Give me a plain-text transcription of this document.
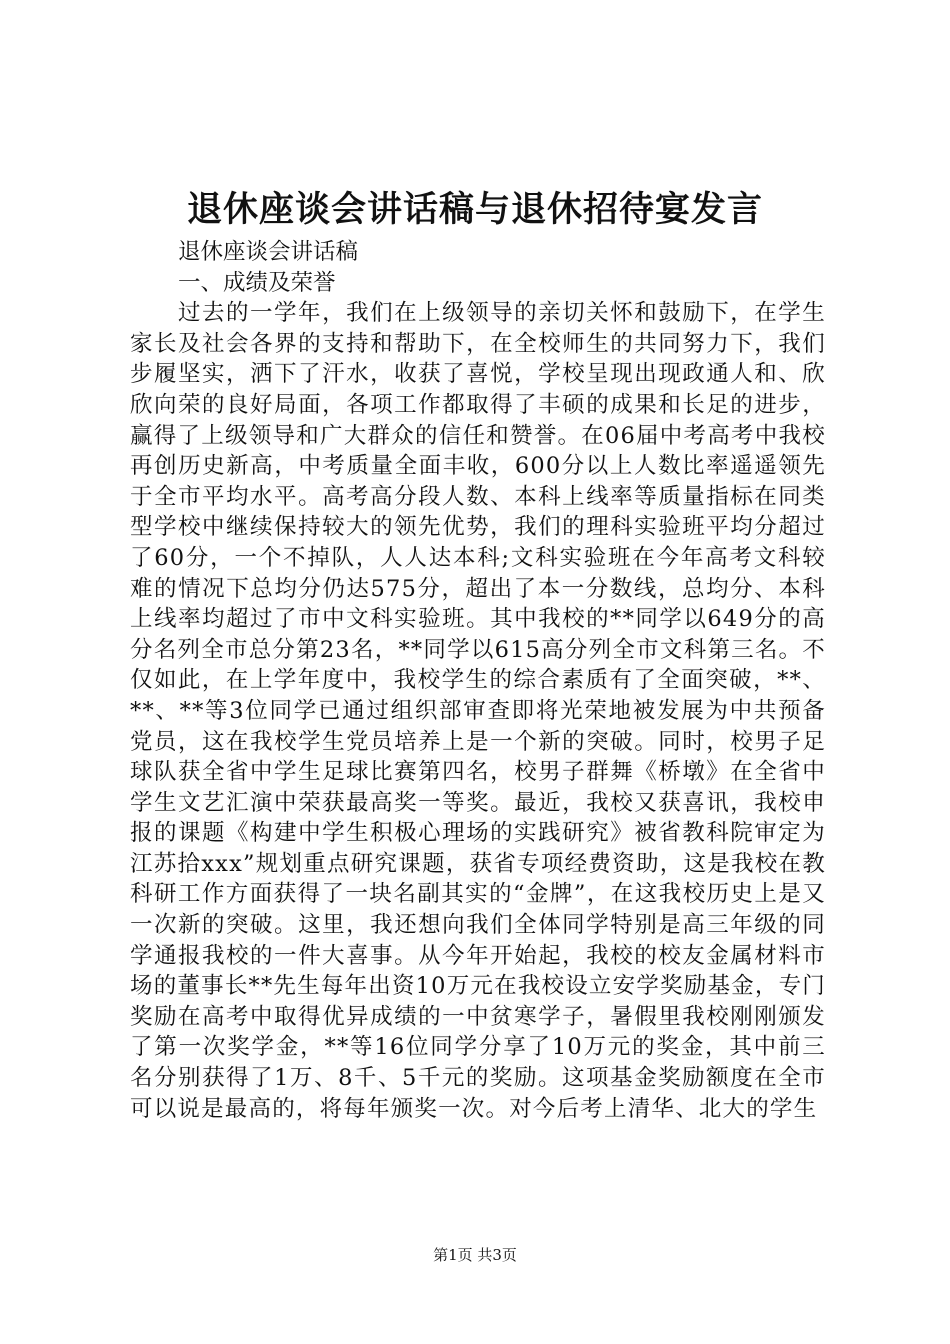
退休座谈会讲话稿与退休招待宴发言

退休座谈会讲话稿

一、成绩及荣誉

过去的一学年，我们在上级领导的亲切关怀和鼓励下，在学生家长及社会各界的支持和帮助下，在全校师生的共同努力下，我们步履坚实，洒下了汗水，收获了喜悦，学校呈现出现政通人和、欣欣向荣的良好局面，各项工作都取得了丰硕的成果和长足的进步，赢得了上级领导和广大群众的信任和赞誉。在06届中考高考中我校再创历史新高，中考质量全面丰收，600分以上人数比率遥遥领先于全市平均水平。高考高分段人数、本科上线率等质量指标在同类型学校中继续保持较大的领先优势，我们的理科实验班平均分超过了60分，一个不掉队，人人达本科;文科实验班在今年高考文科较难的情况下总均分仍达575分，超出了本一分数线，总均分、本科上线率均超过了市中文科实验班。其中我校的**同学以649分的高分名列全市总分第23名，**同学以615高分列全市文科第三名。不仅如此，在上学年度中，我校学生的综合素质有了全面突破，**、**、**等3位同学已通过组织部审查即将光荣地被发展为中共预备党员，这在我校学生党员培养上是一个新的突破。同时，校男子足球队获全省中学生足球比赛第四名，校男子群舞《桥墩》在全省中学生文艺汇演中荣获最高奖一等奖。最近，我校又获喜讯，我校申报的课题《构建中学生积极心理场的实践研究》被省教科院审定为江苏拾xxx”规划重点研究课题，获省专项经费资助，这是我校在教科研工作方面获得了一块名副其实的“金牌”，在这我校历史上是又一次新的突破。这里，我还想向我们全体同学特别是高三年级的同学通报我校的一件大喜事。从今年开始起，我校的校友金属材料市场的董事长**先生每年出资10万元在我校设立安学奖励基金，专门奖励在高考中取得优异成绩的一中贫寒学子，暑假里我校刚刚颁发了第一次奖学金，**等16位同学分享了10万元的奖金，其中前三名分别获得了1万、8千、5千元的奖励。这项基金奖励额度在全市可以说是最高的，将每年颁奖一次。对今后考上清华、北大的学生

第1页 共3页
